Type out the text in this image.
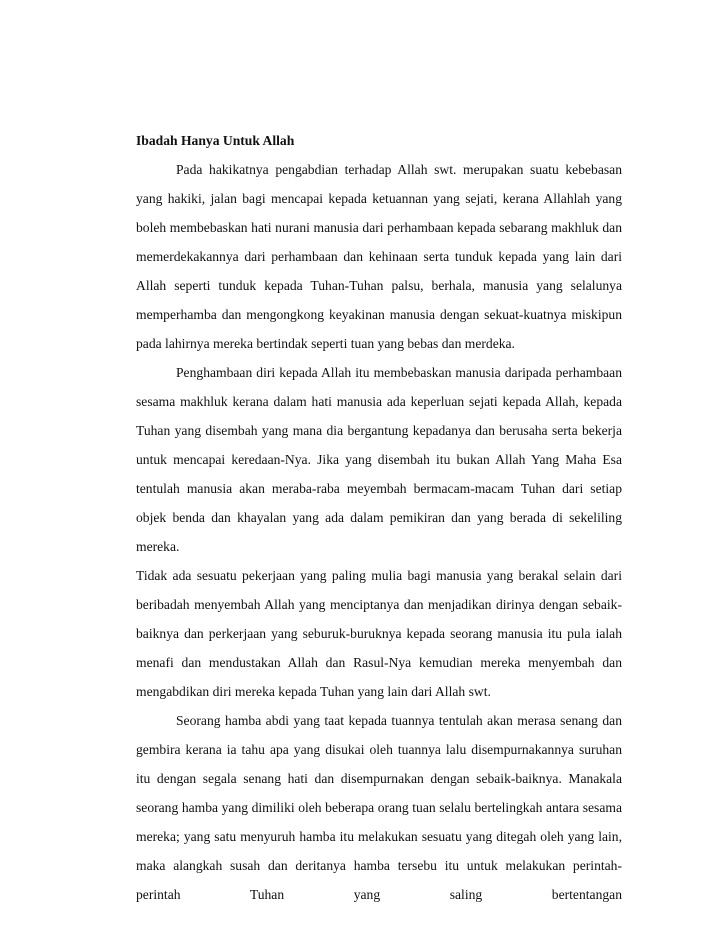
Ibadah Hanya Untuk Allah

Pada hakikatnya pengabdian terhadap Allah swt. merupakan suatu kebebasan yang hakiki, jalan bagi mencapai kepada ketuannan yang sejati, kerana Allahlah yang boleh membebaskan hati nurani manusia dari perhambaan kepada sebarang makhluk dan memerdekakannya dari perhambaan dan kehinaan serta tunduk kepada yang lain dari Allah seperti tunduk kepada Tuhan-Tuhan palsu, berhala, manusia yang selalunya memperhamba dan mengongkong keyakinan manusia dengan sekuat-kuatnya miskipun pada lahirnya mereka bertindak seperti tuan yang bebas dan merdeka.

Penghambaan diri kepada Allah itu membebaskan manusia daripada perhambaan sesama makhluk kerana dalam hati manusia ada keperluan sejati kepada Allah, kepada Tuhan yang disembah yang mana dia bergantung kepadanya dan berusaha serta bekerja untuk mencapai keredaan-Nya. Jika yang disembah itu bukan Allah Yang Maha Esa tentulah manusia akan meraba-raba meyembah bermacam-macam Tuhan dari setiap objek benda dan khayalan yang ada dalam pemikiran dan yang berada di sekeliling mereka.

Tidak ada sesuatu pekerjaan yang paling mulia bagi manusia yang berakal selain dari beribadah menyembah Allah yang menciptanya dan menjadikan dirinya dengan sebaik-baiknya dan perkerjaan yang seburuk-buruknya kepada seorang manusia itu pula ialah menafi dan mendustakan Allah dan Rasul-Nya kemudian mereka menyembah dan mengabdikan diri mereka kepada Tuhan yang lain dari Allah swt.

Seorang hamba abdi yang taat kepada tuannya tentulah akan merasa senang dan gembira kerana ia tahu apa yang disukai oleh tuannya lalu disempurnakannya suruhan itu dengan segala senang hati dan disempurnakan dengan sebaik-baiknya. Manakala seorang hamba yang dimiliki oleh beberapa orang tuan selalu bertelingkah antara sesama mereka; yang satu menyuruh hamba itu melakukan sesuatu yang ditegah oleh yang lain, maka alangkah susah dan deritanya hamba tersebu itu untuk melakukan perintah-perintah Tuhan yang saling bertentangan
